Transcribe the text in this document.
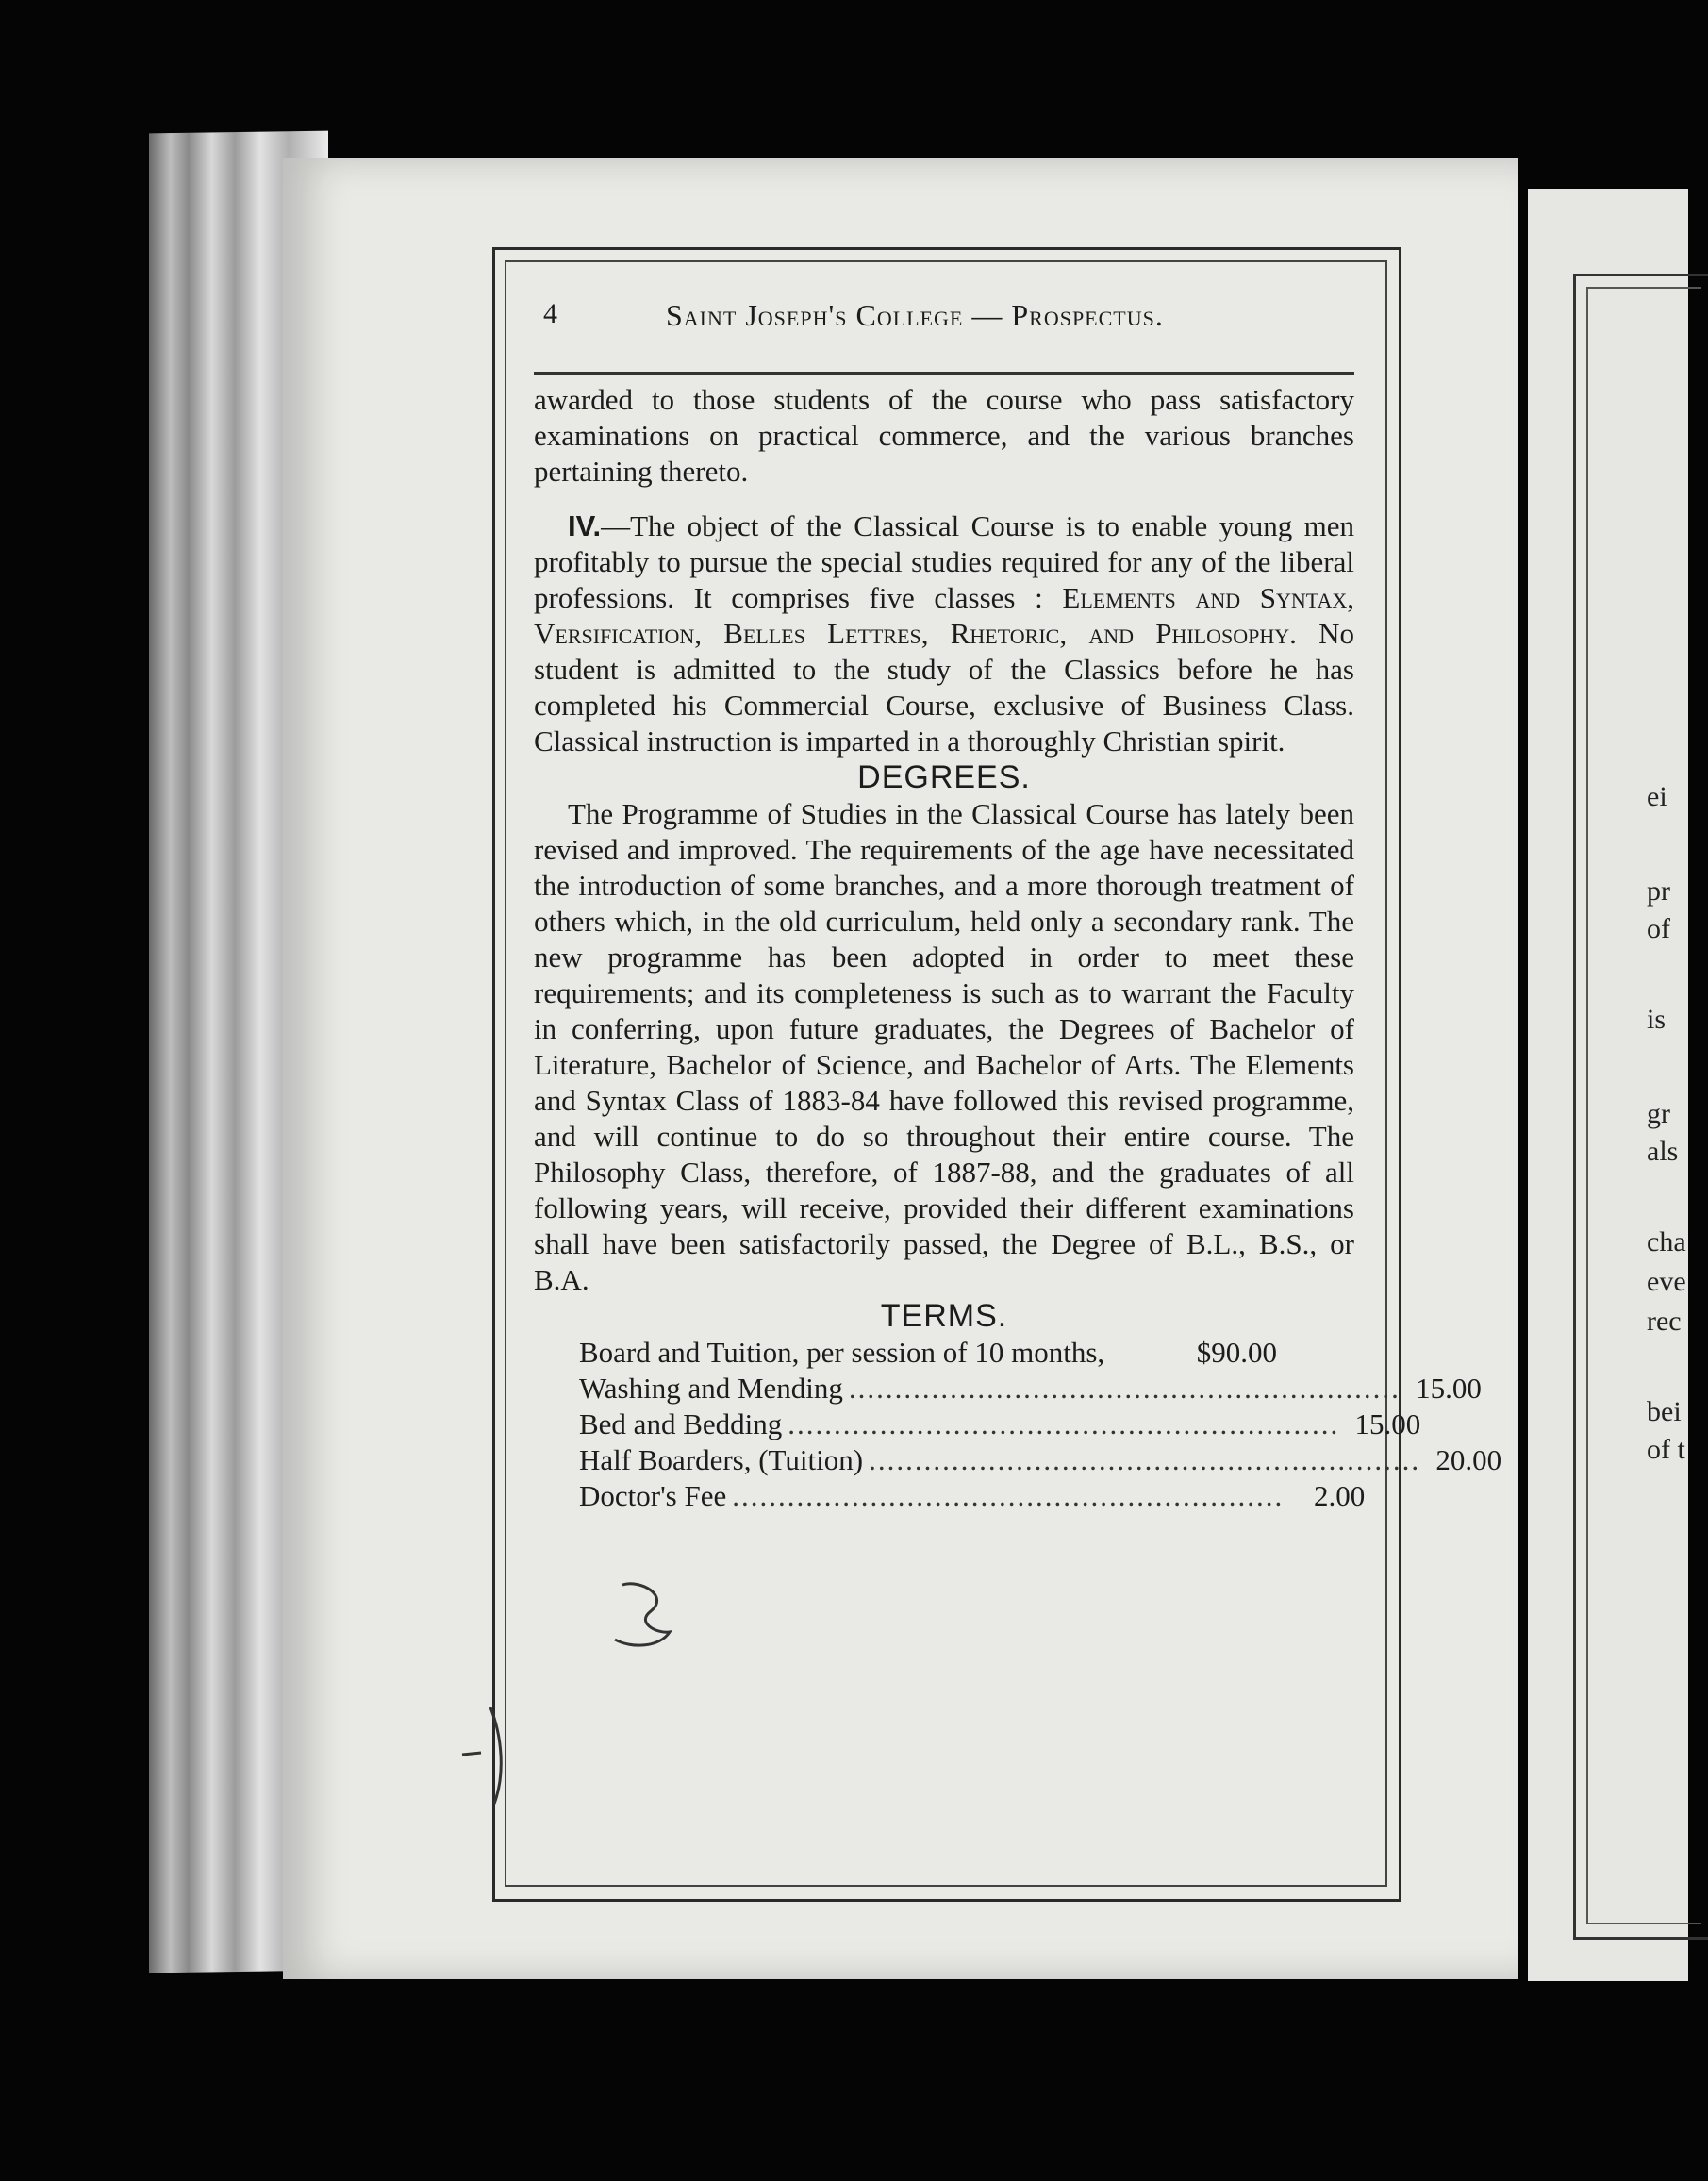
ei
pr
of
is
gr
als
cha
eve
rec
bei
of t
4	Saint Joseph's College — Prospectus.

awarded to those students of the course who pass satisfactory examinations on practical commerce, and the various branches pertaining thereto.

IV.—The object of the Classical Course is to enable young men profitably to pursue the special studies required for any of the liberal professions. It comprises five classes : Elements and Syntax, Versification, Belles Lettres, Rhetoric, and Philosophy. No student is admitted to the study of the Classics before he has completed his Commercial Course, exclusive of Business Class. Classical instruction is imparted in a thoroughly Christian spirit.

DEGREES.

The Programme of Studies in the Classical Course has lately been revised and improved. The requirements of the age have necessitated the introduction of some branches, and a more thorough treatment of others which, in the old curriculum, held only a secondary rank. The new programme has been adopted in order to meet these requirements; and its completeness is such as to warrant the Faculty in conferring, upon future graduates, the Degrees of Bachelor of Literature, Bachelor of Science, and Bachelor of Arts. The Elements and Syntax Class of 1883-84 have followed this revised programme, and will continue to do so throughout their entire course. The Philosophy Class, therefore, of 1887-88, and the graduates of all following years, will receive, provided their different examinations shall have been satisfactorily passed, the Degree of B.L., B.S., or B.A.

TERMS.
Board and Tuition, per session of 10 months,	$90.00
Washing and Mending ............................................................ 15.00
Bed and Bedding ............................................................ 15.00
Half Boarders, (Tuition) ............................................................ 20.00
Doctor's Fee ............................................................	2.00
